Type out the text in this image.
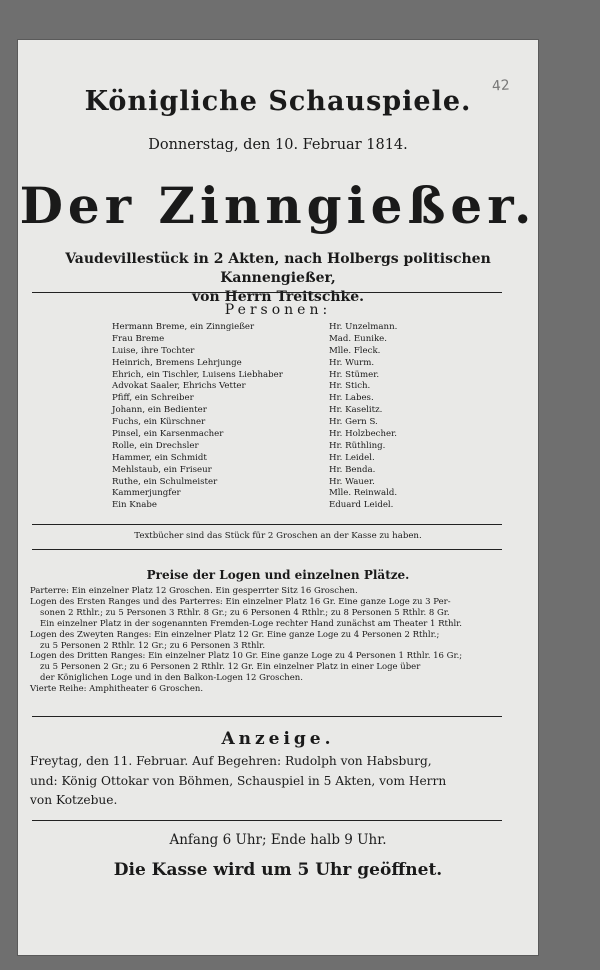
42
Königliche Schauspiele.
Donnerstag, den 10. Februar 1814.
Der Zinngießer.
Vaudevillestück in 2 Akten, nach Holbergs politischen Kannengießer,
von Herrn Treitschke.
Personen:
Hermann Breme, ein Zinngießer	Hr. Unzelmann.
Frau Breme	Mad. Eunike.
Luise, ihre Tochter	Mlle. Fleck.
Heinrich, Bremens Lehrjunge	Hr. Wurm.
Ehrich, ein Tischler, Luisens Liebhaber	Hr. Stümer.
Advokat Saaler, Ehrichs Vetter	Hr. Stich.
Pfiff, ein Schreiber	Hr. Labes.
Johann, ein Bedienter	Hr. Kaselitz.
Fuchs, ein Kürschner	Hr. Gern S.
Pinsel, ein Karsenmacher	Hr. Holzbecher.
Rolle, ein Drechsler	Hr. Rüthling.
Hammer, ein Schmidt	Hr. Leidel.
Mehlstaub, ein Friseur	Hr. Benda.
Ruthe, ein Schulmeister	Hr. Wauer.
Kammerjungfer	Mlle. Reinwald.
Ein Knabe	Eduard Leidel.
Textbücher sind das Stück für 2 Groschen an der Kasse zu haben.
Preise der Logen und einzelnen Plätze.
Parterre: Ein einzelner Platz 12 Groschen. Ein gesperrter Sitz 16 Groschen.
Logen des Ersten Ranges und des Parterres: Ein einzelner Platz 16 Gr. Eine ganze Loge zu 3 Per-
sonen 2 Rthlr.; zu 5 Personen 3 Rthlr. 8 Gr.; zu 6 Personen 4 Rthlr.; zu 8 Personen 5 Rthlr. 8 Gr.
Ein einzelner Platz in der sogenannten Fremden-Loge rechter Hand zunächst am Theater 1 Rthlr.
Logen des Zweyten Ranges: Ein einzelner Platz 12 Gr. Eine ganze Loge zu 4 Personen 2 Rthlr.;
zu 5 Personen 2 Rthlr. 12 Gr.; zu 6 Personen 3 Rthlr.
Logen des Dritten Ranges: Ein einzelner Platz 10 Gr. Eine ganze Loge zu 4 Personen 1 Rthlr. 16 Gr.;
zu 5 Personen 2 Gr.; zu 6 Personen 2 Rthlr. 12 Gr. Ein einzelner Platz in einer Loge über
der Königlichen Loge und in den Balkon-Logen 12 Groschen.
Vierte Reihe: Amphitheater 6 Groschen.
Anzeige.
Freytag, den 11. Februar. Auf Begehren: Rudolph von Habsburg,
und: König Ottokar von Böhmen, Schauspiel in 5 Akten, vom Herrn
von Kotzebue.
Anfang 6 Uhr; Ende halb 9 Uhr.
Die Kasse wird um 5 Uhr geöffnet.
